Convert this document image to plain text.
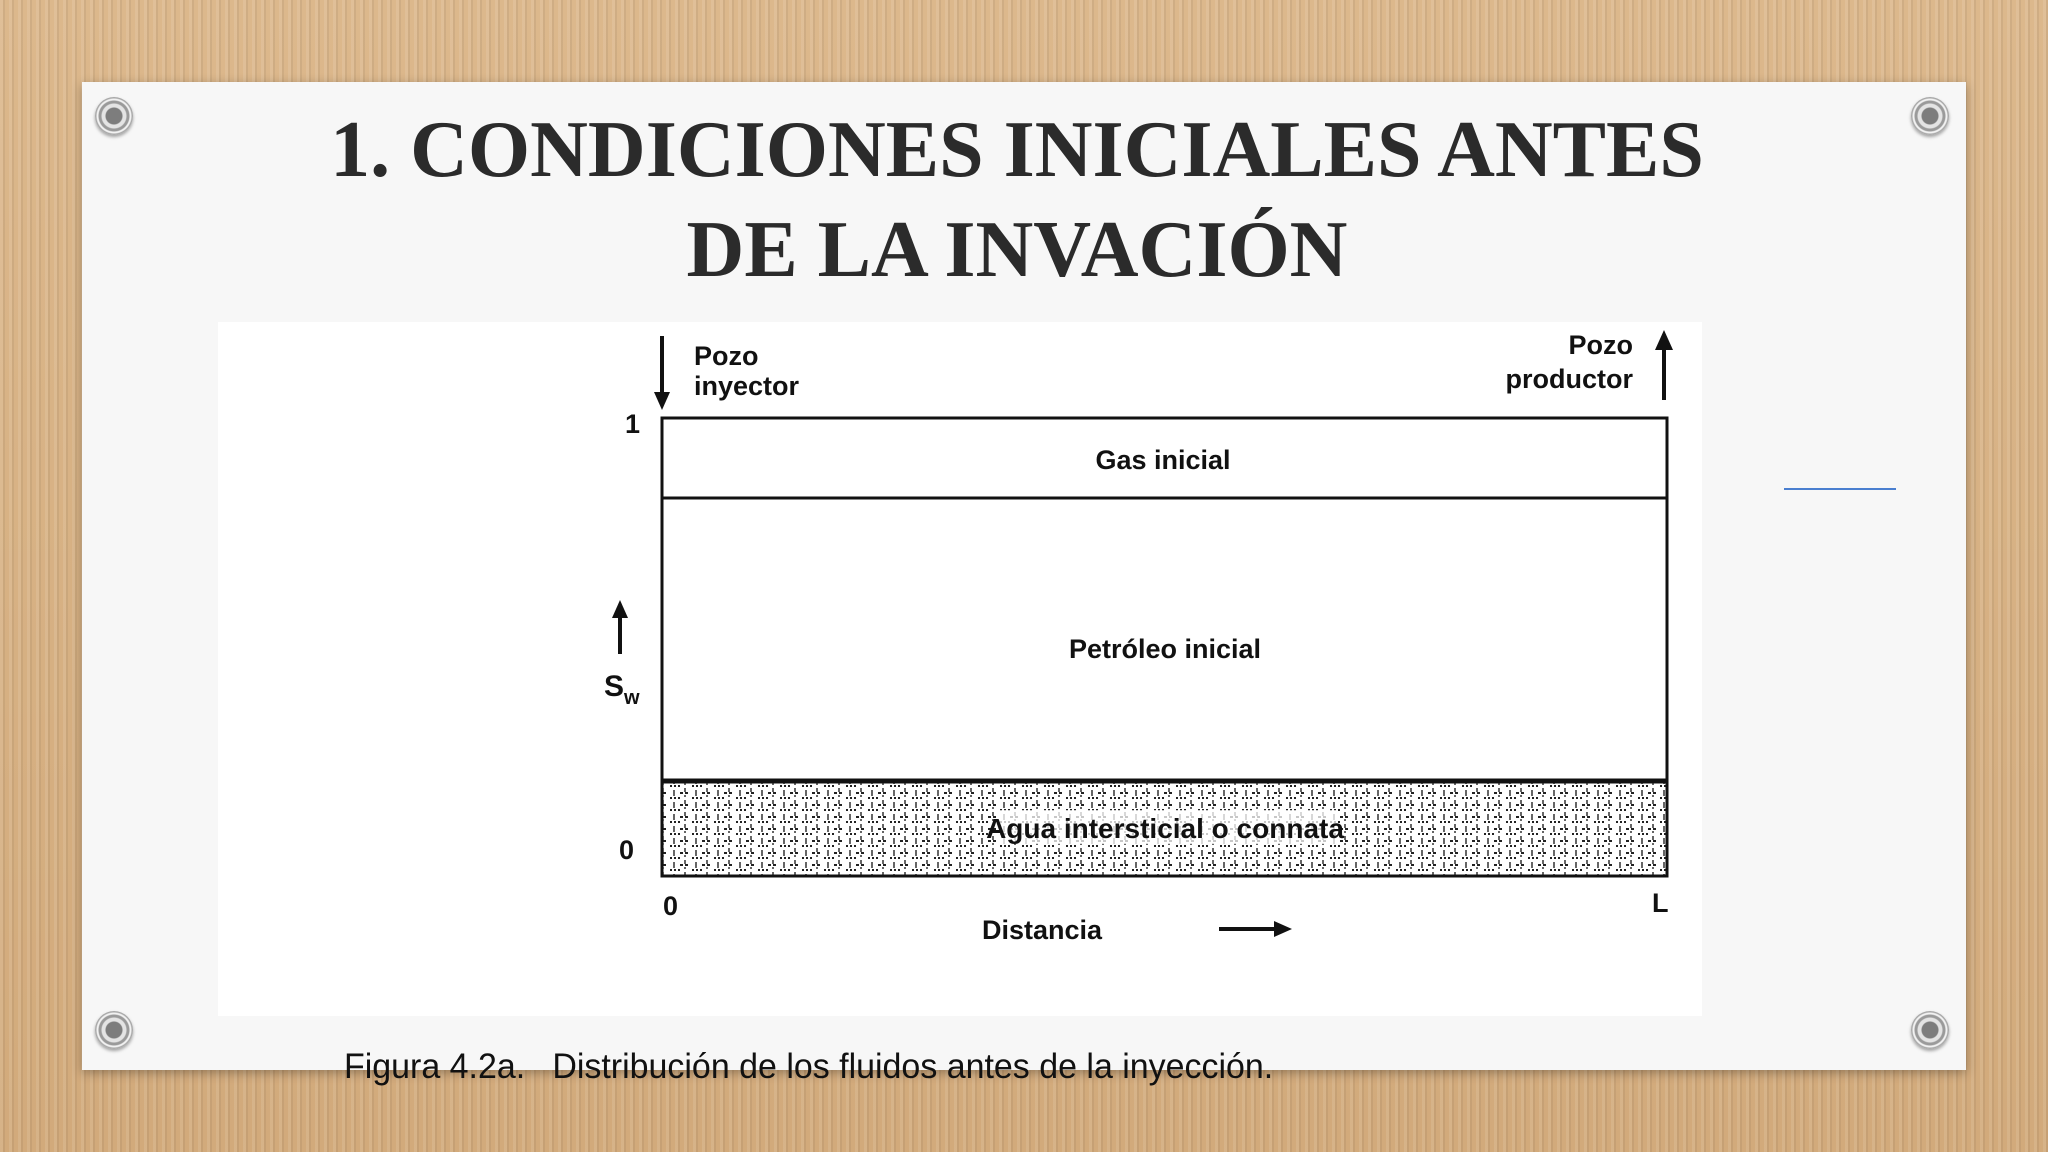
1. CONDICIONES INICIALES ANTES
DE LA INVACIÓN
Pozo
inyector
Pozo
productor
1
0
$S_w$
Gas inicial
Petróleo inicial
Agua intersticial o connata
0	L
Distancia
Figura 4.2a. Distribución de los fluidos antes de la inyección.
